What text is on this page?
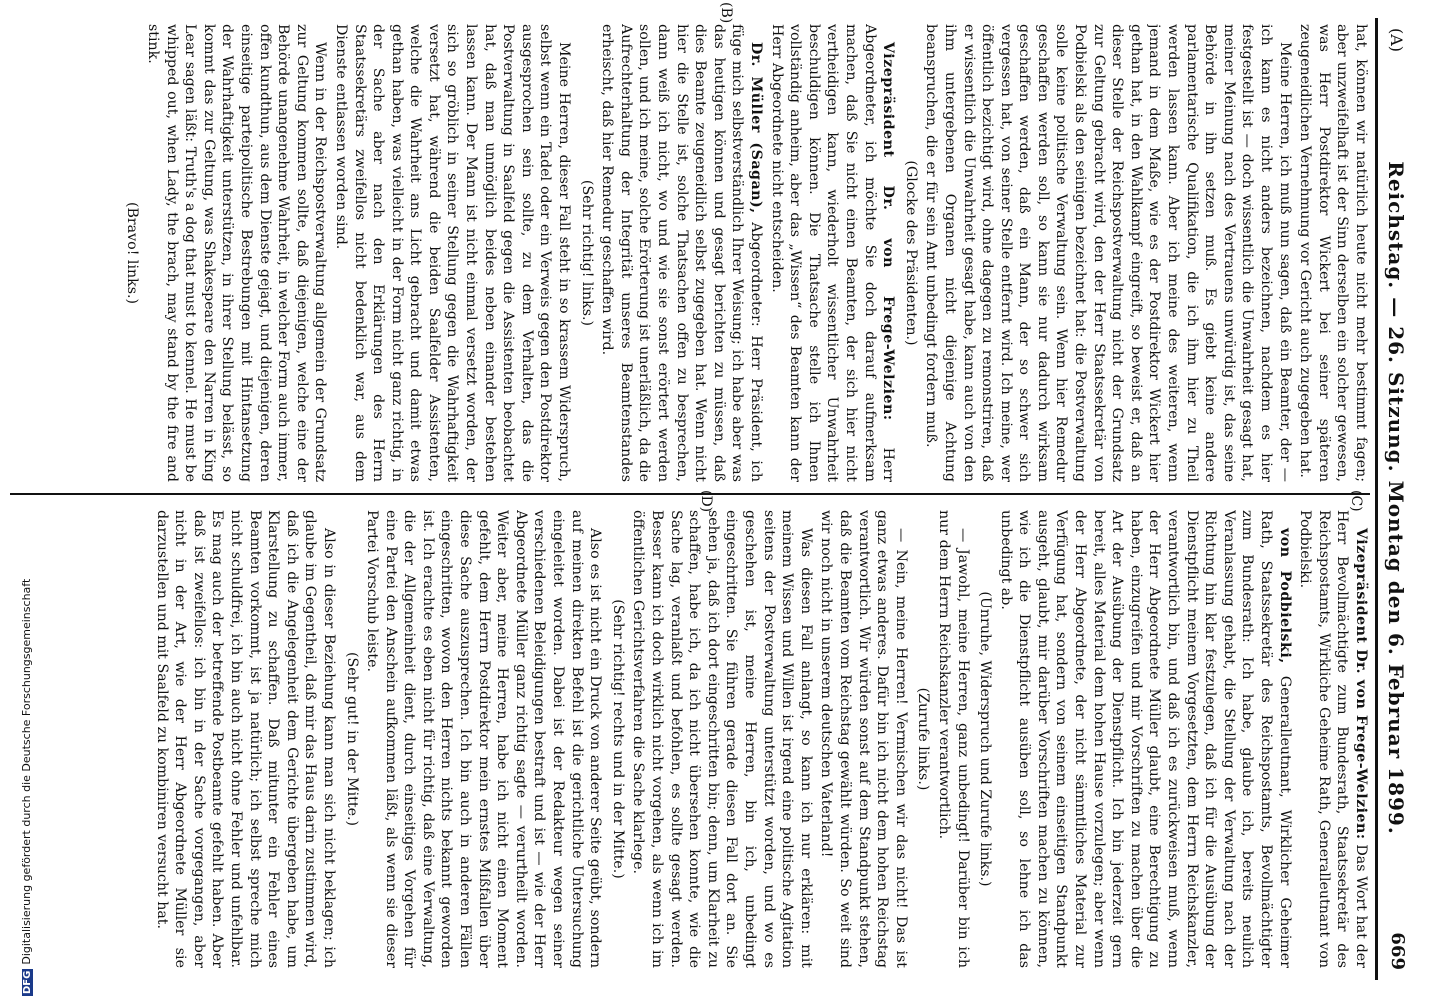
(A)
Reichstag. — 26. Sitzung. Montag den 6. Februar 1899.
669
(C)
(B)
(D)

hat, können wir natürlich heute nicht mehr bestimmt fagen; aber unzweifelhaft ist der Sinn derselben ein solcher gewesen, was Herr Postdirektor Wickert bei seiner späteren zeugeneidlichen Vernehmung vor Gericht auch zugegeben hat.

Meine Herren, ich muß nun sagen, daß ein Beamter, der — ich kann es nicht anders bezeichnen, nachdem es hier festgestellt ist — doch wissentlich die Unwahrheit gesagt hat, meiner Meinung nach des Vertrauens unwürdig ist, das seine Behörde in ihn setzen muß. Es giebt keine andere parlamentarische Qualifikation, die ich ihm hier zu Theil werden lassen kann. Aber ich meine des weiteren, wenn jemand in dem Maße, wie es der Postdirektor Wickert hier gethan hat, in den Wahlkampf eingreift, so beweist er, daß an dieser Stelle der Reichspostverwaltung nicht der Grundsatz zur Geltung gebracht wird, den der Herr Staatssekretär von Podbielski als den seinigen bezeichnet hat: die Postverwaltung solle keine politische Verwaltung sein. Wenn hier Remedur geschaffen werden soll, so kann sie nur dadurch wirksam geschaffen werden, daß ein Mann, der so schwer sich vergessen hat, von seiner Stelle entfernt wird. Ich meine, wer öffentlich bezichtigt wird, ohne dagegen zu remonstriren, daß er wissentlich die Unwahrheit gesagt habe, kann auch von den ihm untergebenen Organen nicht diejenige Achtung beanspruchen, die er für sein Amt unbedingt fordern muß.

(Glocke des Präsidenten.)

Vizepräsident Dr. von Frege-Welzien: Herr Abgeordneter, ich möchte Sie doch darauf aufmerksam machen, daß Sie nicht einen Beamten, der sich hier nicht vertheidigen kann, wiederholt wissentlicher Unwahrheit beschuldigen können. Die Thatsache stelle ich Ihnen vollständig anheim, aber das „Wissen“ des Beamten kann der Herr Abgeordnete nicht entscheiden.

Dr. Müller (Sagan), Abgeordneter: Herr Präsident, ich füge mich selbstverständlich Ihrer Weisung; ich habe aber was das heutigen können und gesagt berichten zu müssen, daß dies Beamte zeugeneidlich selbst zugegeben hat. Wenn nicht hier die Stelle ist, solche Thatsachen offen zu besprechen, dann weiß ich nicht, wo und wie sie sonst erörtert werden sollen, und ich meine, solche Erörterung ist unerläßlich, da die Aufrechterhaltung der Integrität unseres Beamtenstandes erheischt, daß hier Remedur geschaffen wird.

(Sehr richtig! links.)

Meine Herren, dieser Fall steht in so krassem Widerspruch, selbst wenn ein Tadel oder ein Verweis gegen den Postdirektor ausgesprochen sein sollte, zu dem Verhalten, das die Postverwaltung in Saalfeld gegen die Assistenten beobachtet hat, daß man unmöglich beides neben einander bestehen lassen kann. Der Mann ist nicht einmal versetzt worden, der sich so gröblich in seiner Stellung gegen die Wahrhaftigkeit versetzt hat, während die beiden Saalfelder Assistenten, welche die Wahrheit ans Licht gebracht und damit etwas gethan haben, was vielleicht in der Form nicht ganz richtig, in der Sache aber nach den Erklärungen des Herrn Staatssekretärs zweifellos nicht bedenklich war, aus dem Dienste entlassen worden sind.

Wenn in der Reichspostverwaltung allgemein der Grundsatz zur Geltung kommen sollte, daß diejenigen, welche eine der Behörde unangenehme Wahrheit, in welcher Form auch immer, offen kundthun, aus dem Dienste gejagt, und diejenigen, deren einseitige parteipolitische Bestrebungen mit Hintansetzung der Wahrhaftigkeit unterstützen, in ihrer Stellung belässt, so kommt das zur Geltung, was Shakespeare den Narren in King Lear sagen läßt: Truth's a dog that must to kennel. He must be whipped out, when Lady, the brach, may stand by the fire and stink.

(Bravo! links.)

Vizepräsident Dr. von Frege-Welzien: Das Wort hat der Herr Bevollmächtigte zum Bundesrath, Staatssekretär des Reichspostamts, Wirkliche Geheime Rath, Generalleutnant von Podbielski.

von Podbielski, Generalleutnant, Wirklicher Geheimer Rath, Staatssekretär des Reichspostamts, Bevollmächtigter zum Bundesrath: Ich habe, glaube ich, bereits neulich Veranlassung gehabt, die Stellung der Verwaltung nach der Richtung hin klar festzulegen, daß ich für die Ausübung der Dienstpflicht meinem Vorgesetzten, dem Herrn Reichskanzler, verantwortlich bin, und daß ich es zurückweisen muß, wenn der Herr Abgeordnete Müller glaubt, eine Berechtigung zu haben, einzugreifen und mir Vorschriften zu machen über die Art der Ausübung der Dienstpflicht. Ich bin jederzeit gern bereit, alles Material dem hohen Hause vorzulegen; aber wenn der Herr Abgeordnete, der nicht sämmtliches Material zur Verfügung hat, sondern von seinem einseitigen Standpunkt ausgeht, glaubt, mir darüber Vorschriften machen zu können, wie ich die Dienstpflicht ausüben soll, so lehne ich das unbedingt ab.

(Unruhe, Widerspruch und Zurufe links.)

— Jawohl, meine Herren, ganz unbedingt! Darüber bin ich nur dem Herrn Reichskanzler verantwortlich.

(Zurufe links.)

— Nein, meine Herren! Vermischen wir das nicht! Das ist ganz etwas anderes. Dafür bin ich nicht dem hohen Reichstag verantwortlich. Wir würden sonst auf dem Standpunkt stehen, daß die Beamten vom Reichstag gewählt würden. So weit sind wir noch nicht in unserem deutschen Vaterland!

Was diesen Fall anlangt, so kann ich nur erklären: mit meinem Wissen und Willen ist irgend eine politische Agitation seitens der Postverwaltung unterstützt worden, und wo es geschehen ist, meine Herren, bin ich, unbedingt eingeschritten. Sie führen gerade diesen Fall dort an. Sie sehen ja, daß ich dort eingeschritten bin; denn, um Klarheit zu schaffen, habe ich, da ich nicht übersehen konnte, wie die Sache lag, veranlaßt und befohlen, es sollte gesagt werden. Besser kann ich doch wirklich nicht vorgehen, als wenn ich im öffentlichen Gerichtsverfahren die Sache klarlege.

(Sehr richtig! rechts und in der Mitte.)

Also es ist nicht ein Druck von anderer Seite geübt, sondern auf meinen direkten Befehl ist die gerichtliche Untersuchung eingeleitet worden. Dabei ist der Redakteur wegen seiner verschiedenen Beleidigungen bestraft und ist — wie der Herr Abgeordnete Müller ganz richtig sagte — verurtheilt worden. Weiter aber, meine Herren, habe ich nicht einen Moment gefehlt, dem Herrn Postdirektor mein ernstes Mißfallen über diese Sache auszusprechen. Ich bin auch in anderen Fällen eingeschritten, wovon den Herren nichts bekannt geworden ist. Ich erachte es eben nicht für richtig, daß eine Verwaltung, die der Allgemeinheit dient, durch einseitiges Vorgehen für eine Partei den Anschein aufkommen läßt, als wenn sie dieser Partei Vorschub leiste.

(Sehr gut! in der Mitte.)

Also in dieser Beziehung kann man sich nicht beklagen; ich glaube im Gegentheil, daß mir das Haus darin zustimmen wird, daß ich die Angelegenheit dem Gerichte übergeben habe, um Klarstellung zu schaffen. Daß mitunter ein Fehler eines Beamten vorkommt, ist ja natürlich; ich selbst spreche mich nicht schuldfrei, ich bin auch nicht ohne Fehler und unfehlbar. Es mag auch der betreffende Postbeamte gefehlt haben. Aber daß ist zweifellos: ich bin in der Sache vorgegangen, aber nicht in der Art, wie der Herr Abgeordnete Müller sie darzustellen und mit Saalfeld zu kombiniren versucht hat.

DFGDigitalisierung gefördert durch die Deutsche Forschungsgemeinschaft
